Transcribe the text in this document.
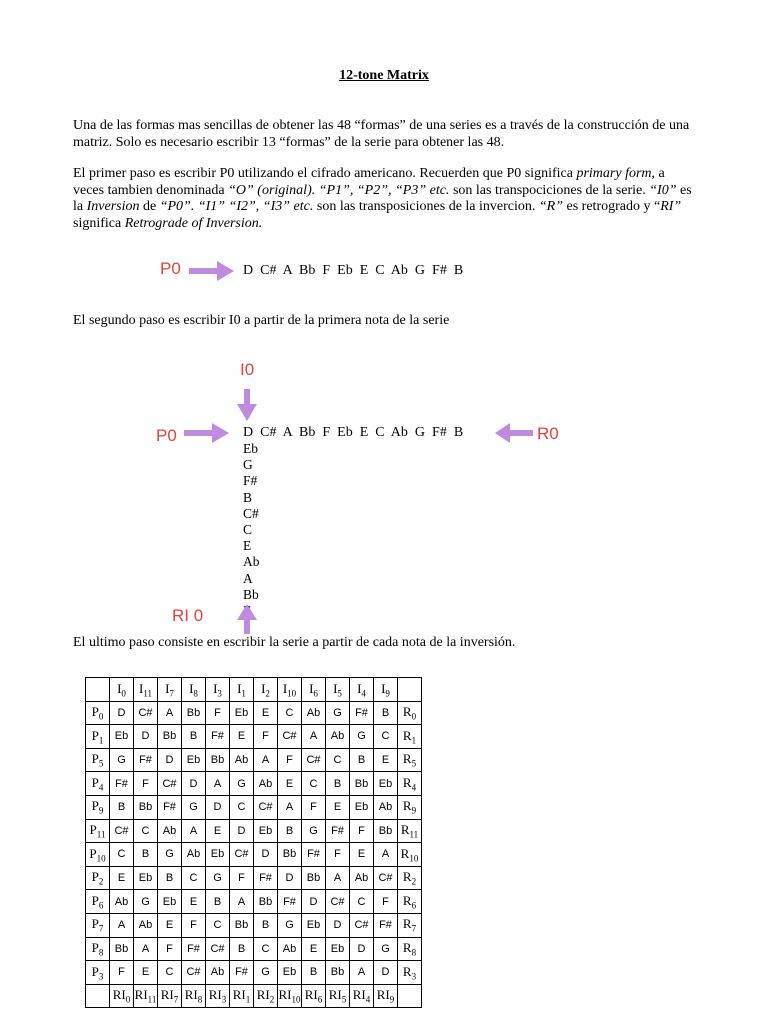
12-tone Matrix
Una de las formas mas sencillas de obtener las 48 “formas” de una series es a través de la construcción de una matriz. Solo es necesario escribir 13 “formas” de la serie para obtener las 48.
El primer paso es escribir P0 utilizando el cifrado americano. Recuerden que P0 significa primary form, a veces tambien denominada “O” (original). “P1”, “P2”, “P3” etc. son las transpociciones de la serie. “I0” es la Inversion de “P0”. “I1” “I2”, “I3” etc. son las transposiciones de la invercion. “R” es retrogrado y “RI” significa Retrograde of Inversion.
P0	D  C#  A  Bb  F  Eb  E  C  Ab  G  F#  B
El segundo paso es escribir I0 a partir de la primera nota de la serie
I0
P0	D  C#  A  Bb  F  Eb  E  C  Ab  G  F#  B	R0
Eb
G
F#
B
C#
C
E
Ab
A
Bb
RI 0
El ultimo paso consiste en escribir la serie a partir de cada nota de la inversión.
	$I_0$	$I_{11}$	$I_7$	$I_8$	$I_3$	$I_1$	$I_2$	$I_{10}$	$I_6$	$I_5$	$I_4$	$I_9$	
$P_0$	D	C#	A	Bb	F	Eb	E	C	Ab	G	F#	B	$R_0$
$P_1$	Eb	D	Bb	B	F#	E	F	C#	A	Ab	G	C	$R_1$
$P_5$	G	F#	D	Eb	Bb	Ab	A	F	C#	C	B	E	$R_5$
$P_4$	F#	F	C#	D	A	G	Ab	E	C	B	Bb	Eb	$R_4$
$P_9$	B	Bb	F#	G	D	C	C#	A	F	E	Eb	Ab	$R_9$
$P_{11}$	C#	C	Ab	A	E	D	Eb	B	G	F#	F	Bb	$R_{11}$
$P_{10}$	C	B	G	Ab	Eb	C#	D	Bb	F#	F	E	A	$R_{10}$
$P_2$	E	Eb	B	C	G	F	F#	D	Bb	A	Ab	C#	$R_2$
$P_6$	Ab	G	Eb	E	B	A	Bb	F#	D	C#	C	F	$R_6$
$P_7$	A	Ab	E	F	C	Bb	B	G	Eb	D	C#	F#	$R_7$
$P_8$	Bb	A	F	F#	C#	B	C	Ab	E	Eb	D	G	$R_8$
$P_3$	F	E	C	C#	Ab	F#	G	Eb	B	Bb	A	D	$R_3$
	$RI_0$	$RI_{11}$	$RI_7$	$RI_8$	$RI_3$	$RI_1$	$RI_2$	$RI_{10}$	$RI_6$	$RI_5$	$RI_4$	$RI_9$	
